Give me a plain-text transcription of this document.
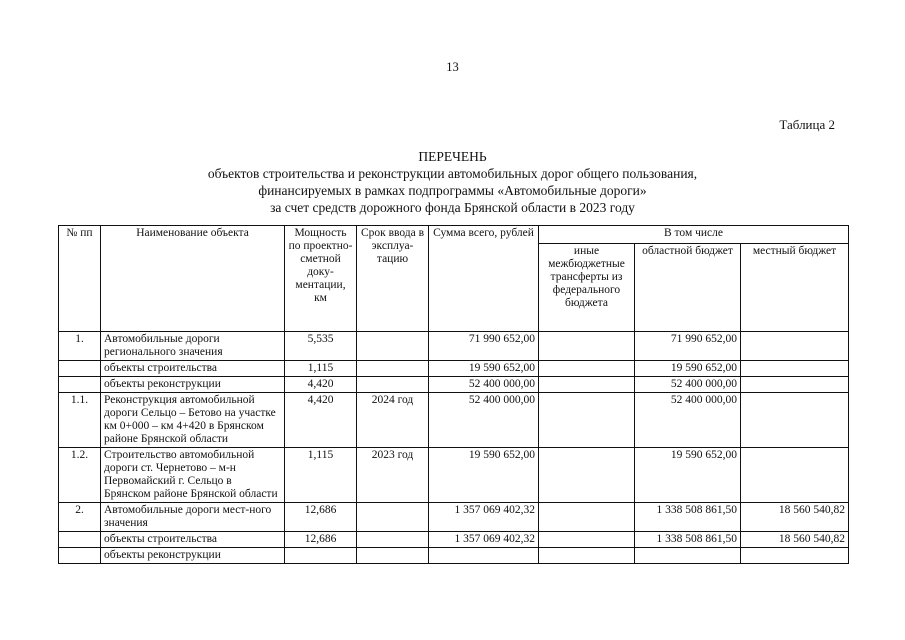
13
Таблица 2
ПЕРЕЧЕНЬ
объектов строительства и реконструкции автомобильных дорог общего пользования,
финансируемых в рамках подпрограммы «Автомобильные дороги»
за счет средств дорожного фонда Брянской области в 2023 году
№ пп	Наименование объекта	Мощность по проектно-сметной доку-ментации, км	Срок ввода в эксплуа-тацию	Сумма всего, рублей	В том числе		
					иные межбюджетные трансферты из федерального бюджета	областной бюджет	местный бюджет
1.	Автомобильные дороги регионального значения	5,535		71 990 652,00		71 990 652,00	
	объекты строительства	1,115		19 590 652,00		19 590 652,00	
	объекты реконструкции	4,420		52 400 000,00		52 400 000,00	
1.1.	Реконструкция автомобильной дороги Сельцо – Бетово на участке км 0+000 – км 4+420 в Брянском районе Брянской области	4,420	2024 год	52 400 000,00		52 400 000,00	
1.2.	Строительство автомобильной дороги ст. Чернетово – м-н Первомайский г. Сельцо в Брянском районе Брянской области	1,115	2023 год	19 590 652,00		19 590 652,00	
2.	Автомобильные дороги мест-ного значения	12,686		1 357 069 402,32		1 338 508 861,50	18 560 540,82
	объекты строительства	12,686		1 357 069 402,32		1 338 508 861,50	18 560 540,82
	объекты реконструкции						
